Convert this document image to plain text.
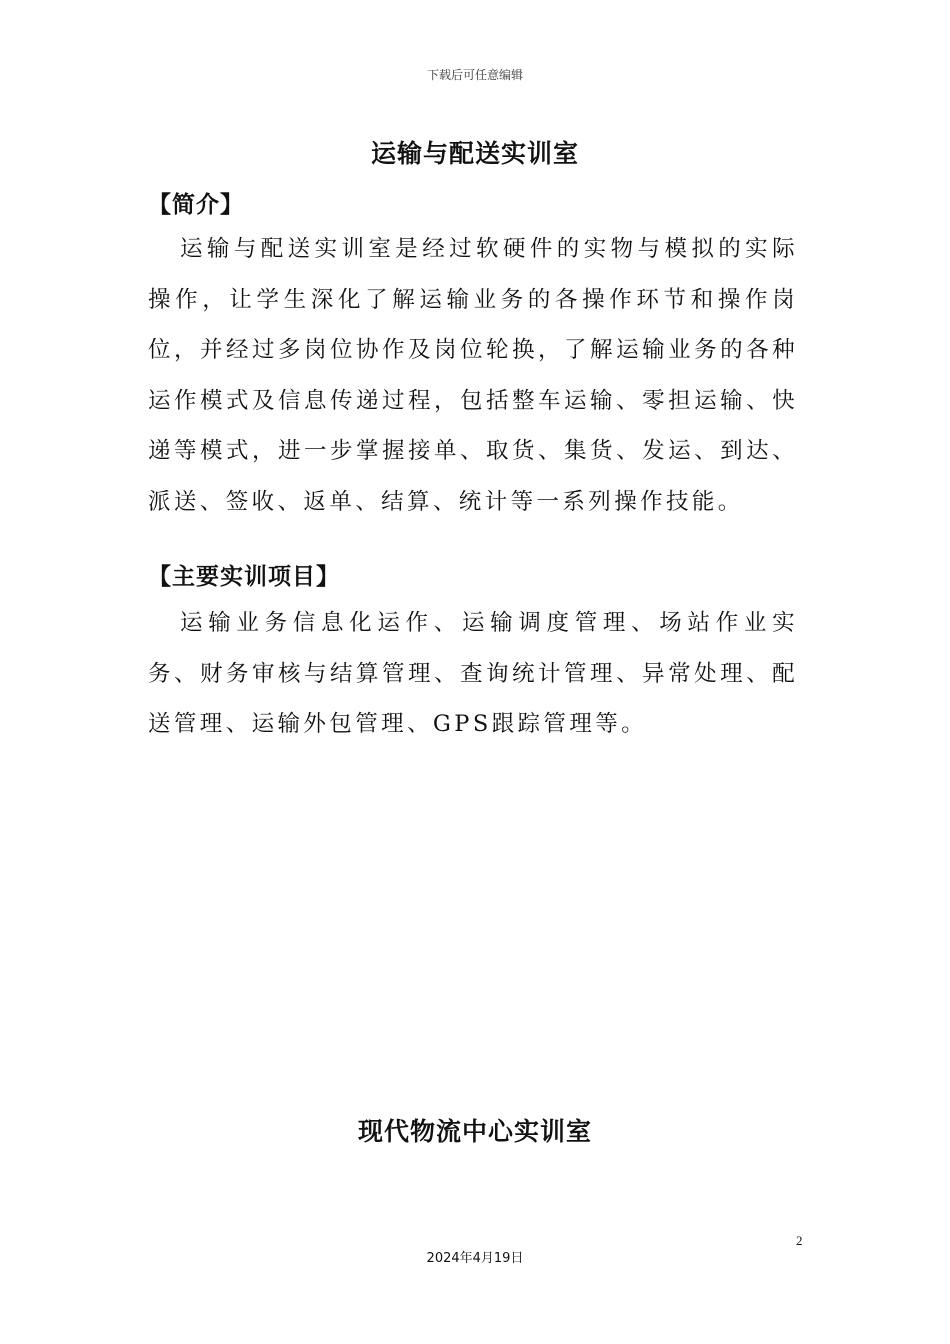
下载后可任意编辑
运输与配送实训室
【简介】

运输与配送实训室是经过软硬件的实物与模拟的实际操作，让学生深化了解运输业务的各操作环节和操作岗位，并经过多岗位协作及岗位轮换，了解运输业务的各种运作模式及信息传递过程，包括整车运输、零担运输、快递等模式，进一步掌握接单、取货、集货、发运、到达、派送、签收、返单、结算、统计等一系列操作技能。

【主要实训项目】

运输业务信息化运作、运输调度管理、场站作业实务、财务审核与结算管理、查询统计管理、异常处理、配送管理、运输外包管理、GPS跟踪管理等。

现代物流中心实训室
2
2024年4月19日
